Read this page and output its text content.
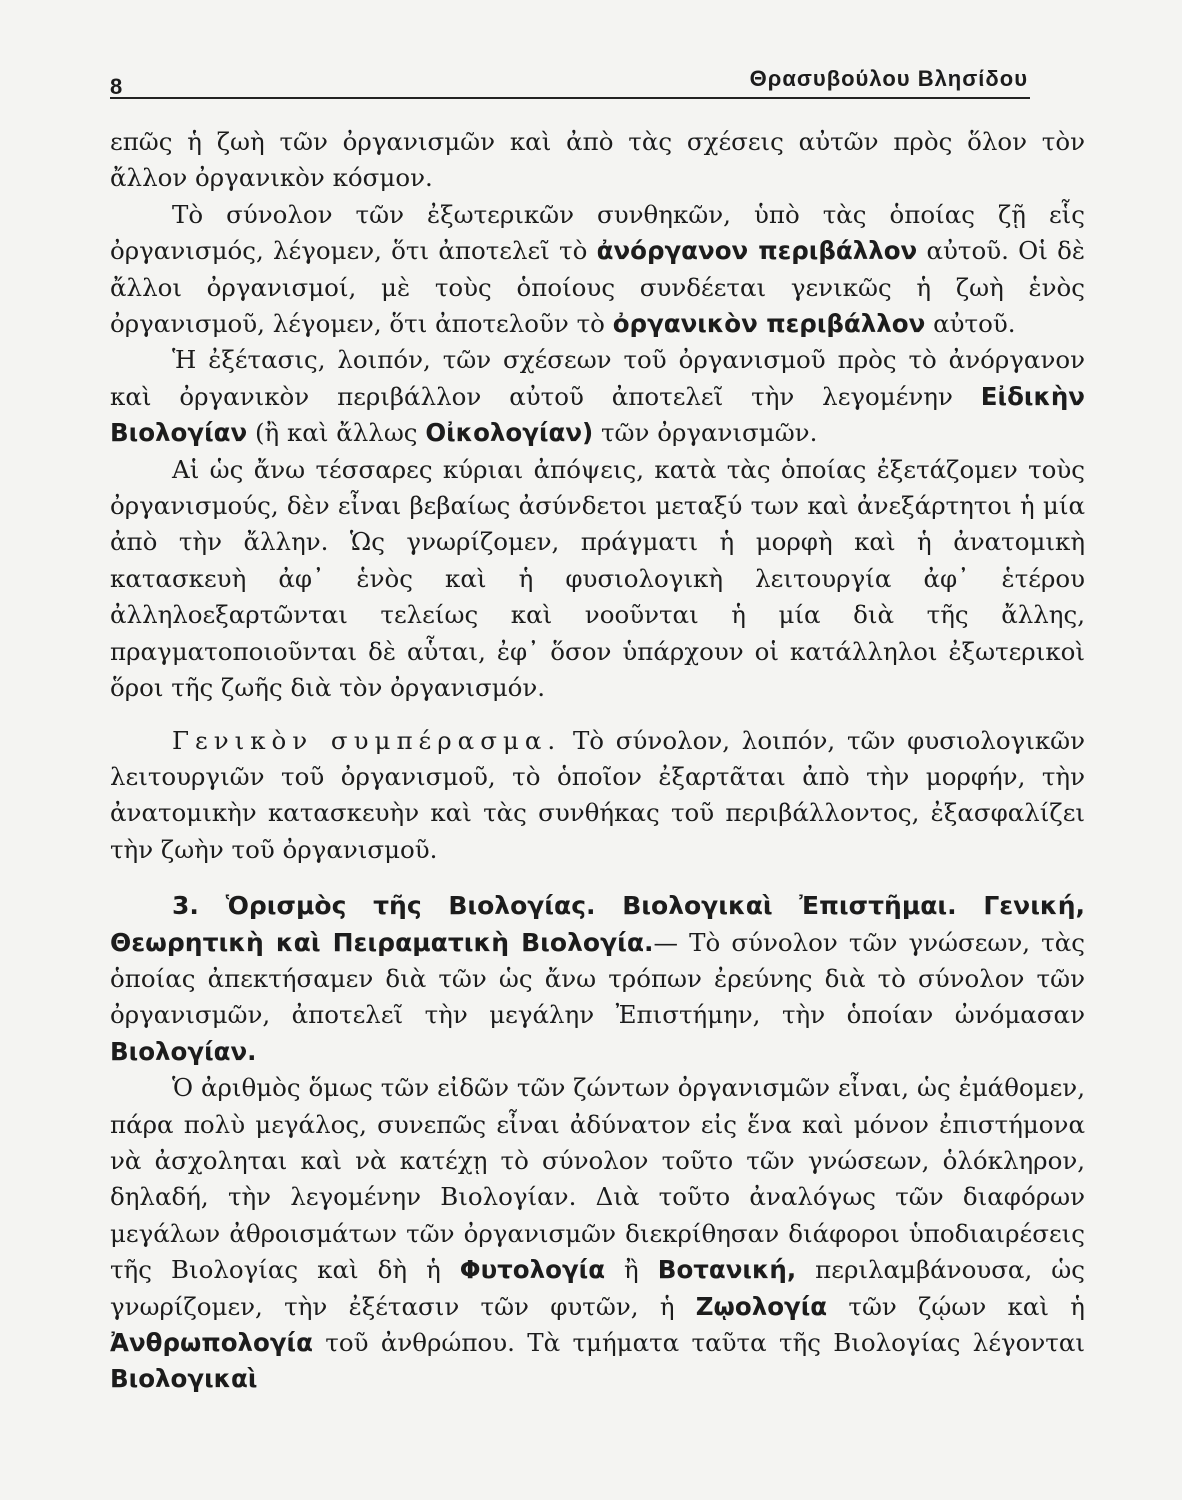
8	Θρασυβούλου Βλησίδου

επῶς ἡ ζωὴ τῶν ὀργανισμῶν καὶ ἀπὸ τὰς σχέσεις αὐτῶν πρὸς ὅλον τὸν ἄλλον ὀργανικὸν κόσμον.

Τὸ σύνολον τῶν ἐξωτερικῶν συνθηκῶν, ὑπὸ τὰς ὁποίας ζῇ εἷς ὀργανισμός, λέγομεν, ὅτι ἀποτελεῖ τὸ ἀνόργανον περιβάλλον αὐτοῦ. Οἱ δὲ ἄλλοι ὀργανισμοί, μὲ τοὺς ὁποίους συνδέεται γενικῶς ἡ ζωὴ ἑνὸς ὀργανισμοῦ, λέγομεν, ὅτι ἀποτελοῦν τὸ ὀργανικὸν περιβάλλον αὐτοῦ.

Ἡ ἐξέτασις, λοιπόν, τῶν σχέσεων τοῦ ὀργανισμοῦ πρὸς τὸ ἀνόργανον καὶ ὀργανικὸν περιβάλλον αὐτοῦ ἀποτελεῖ τὴν λεγομένην Εἰδικὴν Βιολογίαν (ἢ καὶ ἄλλως Οἰκολογίαν) τῶν ὀργανισμῶν.

Αἱ ὡς ἄνω τέσσαρες κύριαι ἀπόψεις, κατὰ τὰς ὁποίας ἐξετάζομεν τοὺς ὀργανισμούς, δὲν εἶναι βεβαίως ἀσύνδετοι μεταξύ των καὶ ἀνεξάρτητοι ἡ μία ἀπὸ τὴν ἄλλην. Ὡς γνωρίζομεν, πράγματι ἡ μορφὴ καὶ ἡ ἀνατομικὴ κατασκευὴ ἀφ᾽ ἑνὸς καὶ ἡ φυσιολογικὴ λειτουργία ἀφ᾽ ἑτέρου ἀλληλοεξαρτῶνται τελείως καὶ νοοῦνται ἡ μία διὰ τῆς ἄλλης, πραγματοποιοῦνται δὲ αὗται, ἐφ᾽ ὅσον ὑπάρχουν οἱ κατάλληλοι ἐξωτερικοὶ ὅροι τῆς ζωῆς διὰ τὸν ὀργανισμόν.

Γενικὸν συμπέρασμα. Τὸ σύνολον, λοιπόν, τῶν φυσιολογικῶν λειτουργιῶν τοῦ ὀργανισμοῦ, τὸ ὁποῖον ἐξαρτᾶται ἀπὸ τὴν μορφήν, τὴν ἀνατομικὴν κατασκευὴν καὶ τὰς συνθήκας τοῦ περιβάλλοντος, ἐξασφαλίζει τὴν ζωὴν τοῦ ὀργανισμοῦ.

3. Ὁρισμὸς τῆς Βιολογίας. Βιολογικαὶ Ἐπιστῆμαι. Γενική, Θεωρητικὴ καὶ Πειραματικὴ Βιολογία.— Τὸ σύνολον τῶν γνώσεων, τὰς ὁποίας ἀπεκτήσαμεν διὰ τῶν ὡς ἄνω τρόπων ἐρεύνης διὰ τὸ σύνολον τῶν ὀργανισμῶν, ἀποτελεῖ τὴν μεγάλην Ἐπιστήμην, τὴν ὁποίαν ὠνόμασαν Βιολογίαν.

Ὁ ἀριθμὸς ὅμως τῶν εἰδῶν τῶν ζώντων ὀργανισμῶν εἶναι, ὡς ἐμάθομεν, πάρα πολὺ μεγάλος, συνεπῶς εἶναι ἀδύνατον εἰς ἕνα καὶ μόνον ἐπιστήμονα νὰ ἀσχοληται καὶ νὰ κατέχῃ τὸ σύνολον τοῦτο τῶν γνώσεων, ὁλόκληρον, δηλαδή, τὴν λεγομένην Βιολογίαν. Διὰ τοῦτο ἀναλόγως τῶν διαφόρων μεγάλων ἀθροισμάτων τῶν ὀργανισμῶν διεκρίθησαν διάφοροι ὑποδιαιρέσεις τῆς Βιολογίας καὶ δὴ ἡ Φυτολογία ἢ Βοτανική, περιλαμβάνουσα, ὡς γνωρίζομεν, τὴν ἐξέτασιν τῶν φυτῶν, ἡ Ζῳολογία τῶν ζῴων καὶ ἡ Ἀνθρωπολογία τοῦ ἀνθρώπου. Τὰ τμήματα ταῦτα τῆς Βιολογίας λέγονται Βιολογικαὶ
